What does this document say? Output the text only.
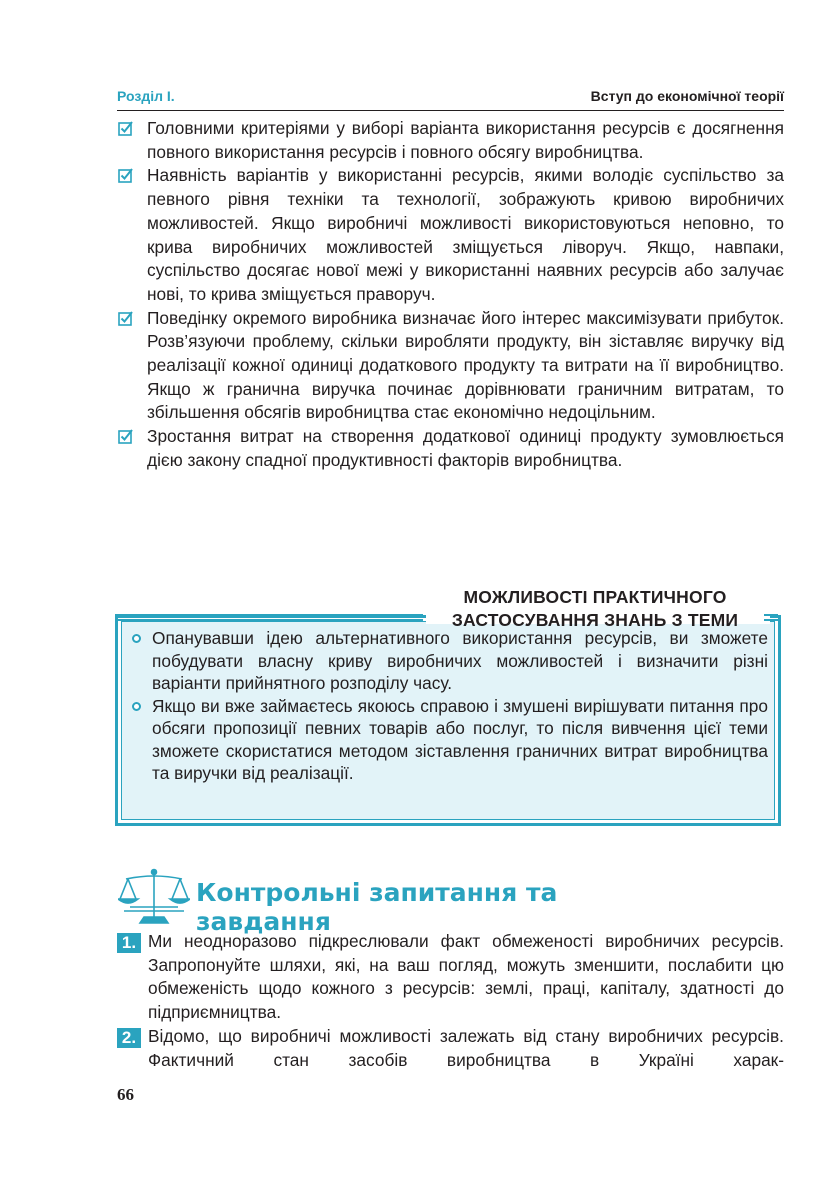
Розділ І.	Вступ до економічної теорії
Головними критеріями у виборі варіанта використання ресурсів є досягнення повного використання ресурсів і повного обсягу виробництва.
Наявність варіантів у використанні ресурсів, якими володіє суспільство за певного рівня техніки та технології, зображують кривою виробничих можливостей. Якщо виробничі можливості використовуються неповно, то крива виробничих можливостей зміщується ліворуч. Якщо, навпаки, суспільство досягає нової межі у використанні наявних ресурсів або залучає нові, то крива зміщується праворуч.
Поведінку окремого виробника визначає його інтерес максимізувати прибуток. Розв’язуючи проблему, скільки виробляти продукту, він зіставляє виручку від реалізації кожної одиниці додаткового продукту та витрати на її виробництво. Якщо ж гранична виручка починає дорівнювати граничним витратам, то збільшення обсягів виробництва стає економічно недоцільним.
Зростання витрат на створення додаткової одиниці продукту зумовлюється дією закону спадної продуктивності факторів виробництва.
МОЖЛИВОСТІ ПРАКТИЧНОГО
ЗАСТОСУВАННЯ ЗНАНЬ З ТЕМИ
Опанувавши ідею альтернативного використання ресурсів, ви зможете побудувати власну криву виробничих можливостей і визначити різні варіанти прийнятного розподілу часу.
Якщо ви вже займаєтесь якоюсь справою і змушені вирішувати питання про обсяги пропозиції певних товарів або послуг, то після вивчення цієї теми зможете скористатися методом зіставлення граничних витрат виробництва та виручки від реалізації.
Контрольні запитання та завдання
1. Ми неодноразово підкреслювали факт обмеженості виробничих ресурсів. Запропонуйте шляхи, які, на ваш погляд, можуть зменшити, послабити цю обмеженість щодо кожного з ресурсів: землі, праці, капіталу, здатності до підприємництва.
2. Відомо, що виробничі можливості залежать від стану виробничих ресурсів. Фактичний стан засобів виробництва в Україні харак-
66
